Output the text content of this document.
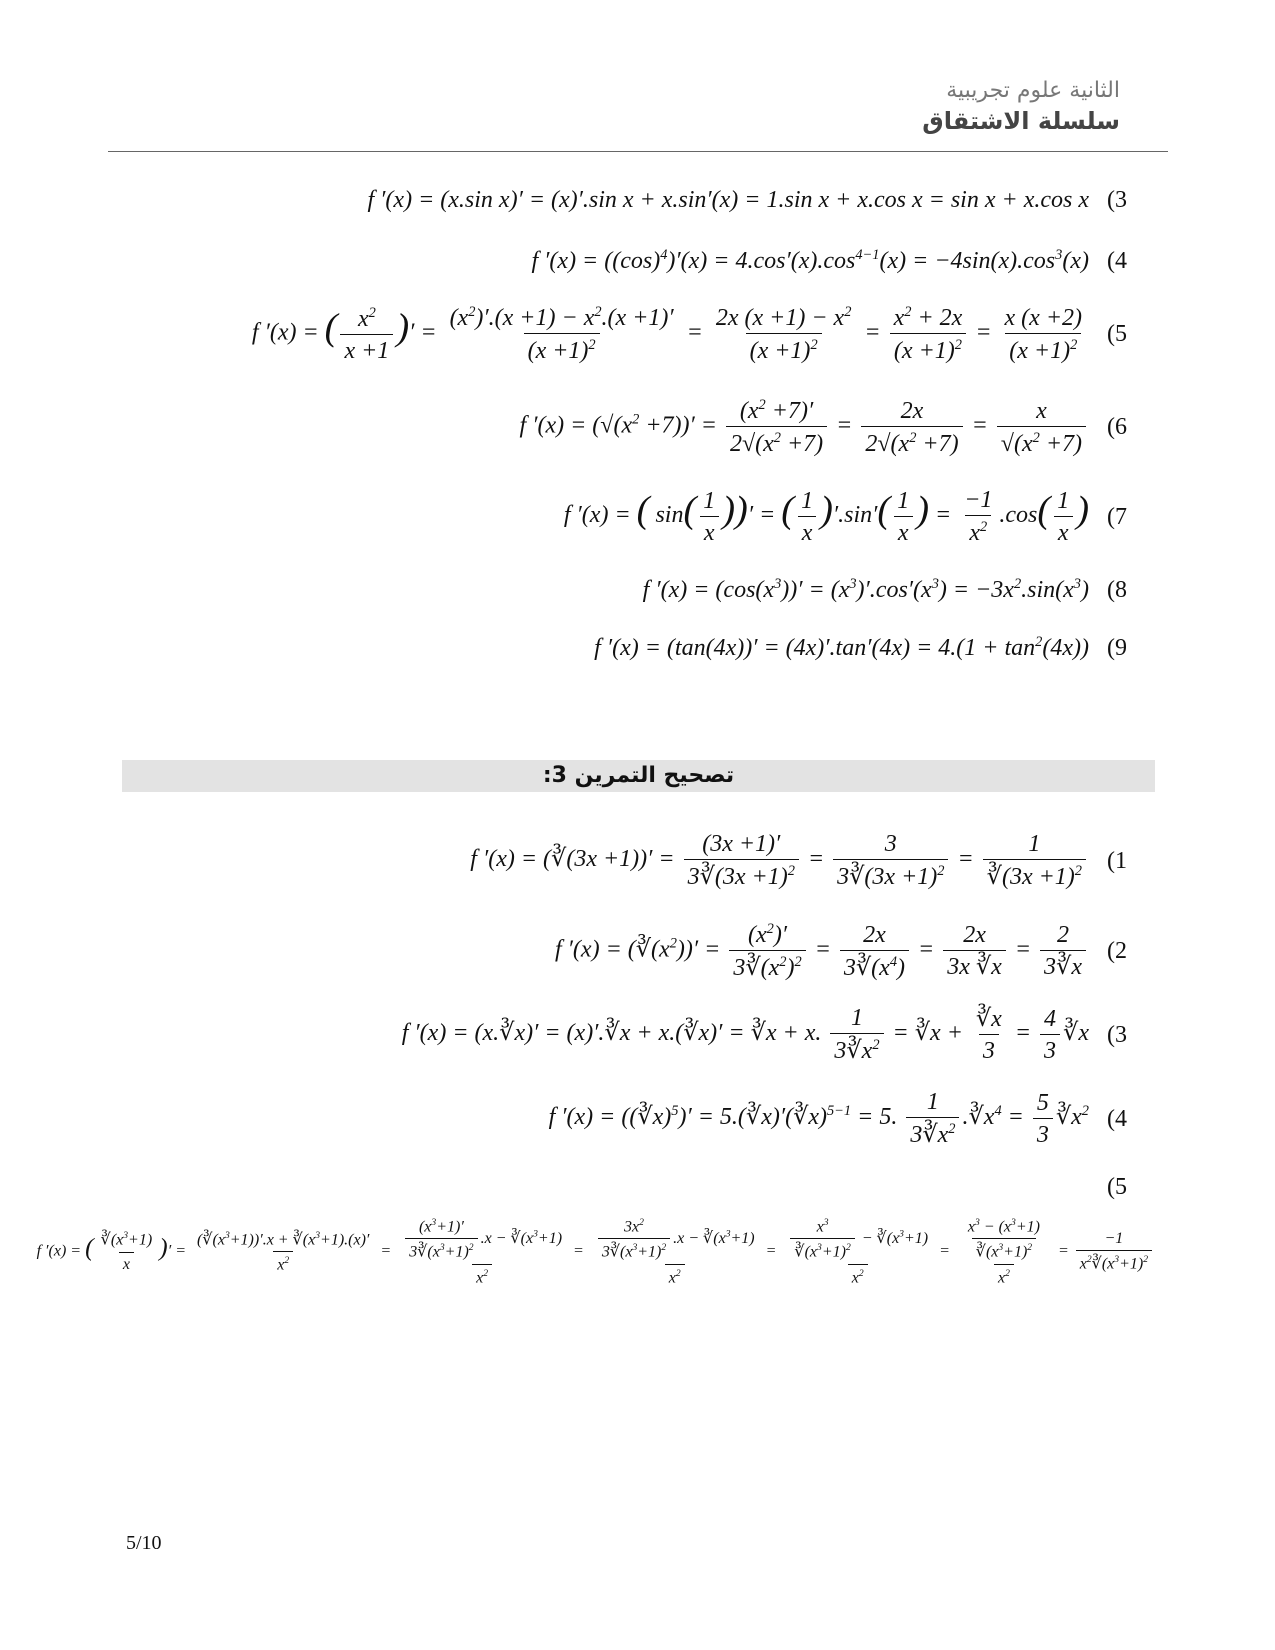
الثانية علوم تجريبية
سلسلة الاشتقاق
f ′(x) = (x.sin x)′ = (x)′.sin x + x.sin′(x) = 1.sin x + x.cos x = sin x + x.cos x (3
f $'(x) = ((\cos)^4)'(x) = 4.\cos'(x).\cos^{4-1}(x) = -4\sin(x).\cos^3(x)$ (4
f ′(x) = ( $\frac{x^2}{x +1}$ )′ = $\frac{(x^2)'.(x +1) - x^2.(x +1)'}{(x +1)^2} = \frac{2x (x +1) - x^2}{(x +1)^2} = \frac{x^2 + 2x}{(x +1)^2} = \frac{x (x +2)}{(x +1)^2} (5$
f $'(x) = (√(x^2 +7))' = \frac{(x^2 +7)'}{2√(x^2 +7)} = \frac{2x}{2√(x^2 +7)} = \frac{x}{√(x^2 +7)} (6$
f ′(x) = ( $\sin( \frac{1}{x}$ ))′ = ( $\frac{1}{x} )'.\sin'( \frac{1}{x}$ ) = $\frac{-1}{x^2} .\cos( \frac{1}{x}$ ) (7
f $'(x) = (\cos(x^3))' = (x^3)'.\cos'(x^3) = -3x^2.\sin(x^3)$ (8
f $'(x) = (\tan(4x))' = (4x)'.\tan'(4x) = 4.(1 + \tan^2(4x))$ (9
تصحيح التمرين 3:
f ′(x) = (∛(3x $+1))' = \frac{(3x +1)'}{3∛(3x +1)^2} = \frac{3}{3∛(3x +1)^2} = \frac{1}{∛(3x +1)^2} (1$
f $'(x) = (∛(x^2))' = \frac{(x^2)'}{3∛(x^2)^2} = \frac{2x}{3∛(x^4)} = \frac{2x}{3x ∛x} = \frac{2}{3∛x} (2$
f ′(x) = (x.∛x)′ = (x)′.∛x + x.(∛x)′ = ∛x + x. $\frac{1}{3∛x^2}$ = ∛x + $\frac{∛x}{3} = \frac{4}{3}$ ∛x (3
f ′(x) = ((∛x)$^5$)′ = 5.(∛x)′(∛x)$^{5-1}$ = 5. $\frac{1}{3∛x^2}$ $.∛x^4 = \frac{5}{3}$ $∛x^2$ (4
(5
f ′(x) = ( $\frac{∛(x^3+1)}{x}$ )′ = $\frac{(∛(x^3+1))'.x + ∛(x^3+1).(x)'}{x^2} = \frac{\frac{(x^3+1)'}{3∛(x^3+1)^2} .x - ∛(x^3+1)}{x^2} = \frac{\frac{3x^2}{3∛(x^3+1)^2} .x - ∛(x^3+1)}{x^2} = \frac{\frac{x^3}{∛(x^3+1)^2} - ∛(x^3+1)}{x^2} = \frac{\frac{x^3 - (x^3+1)}{∛(x^3+1)^2}}{x^2} = \frac{-1}{x^2∛(x^3+1)^2}$
5/10
